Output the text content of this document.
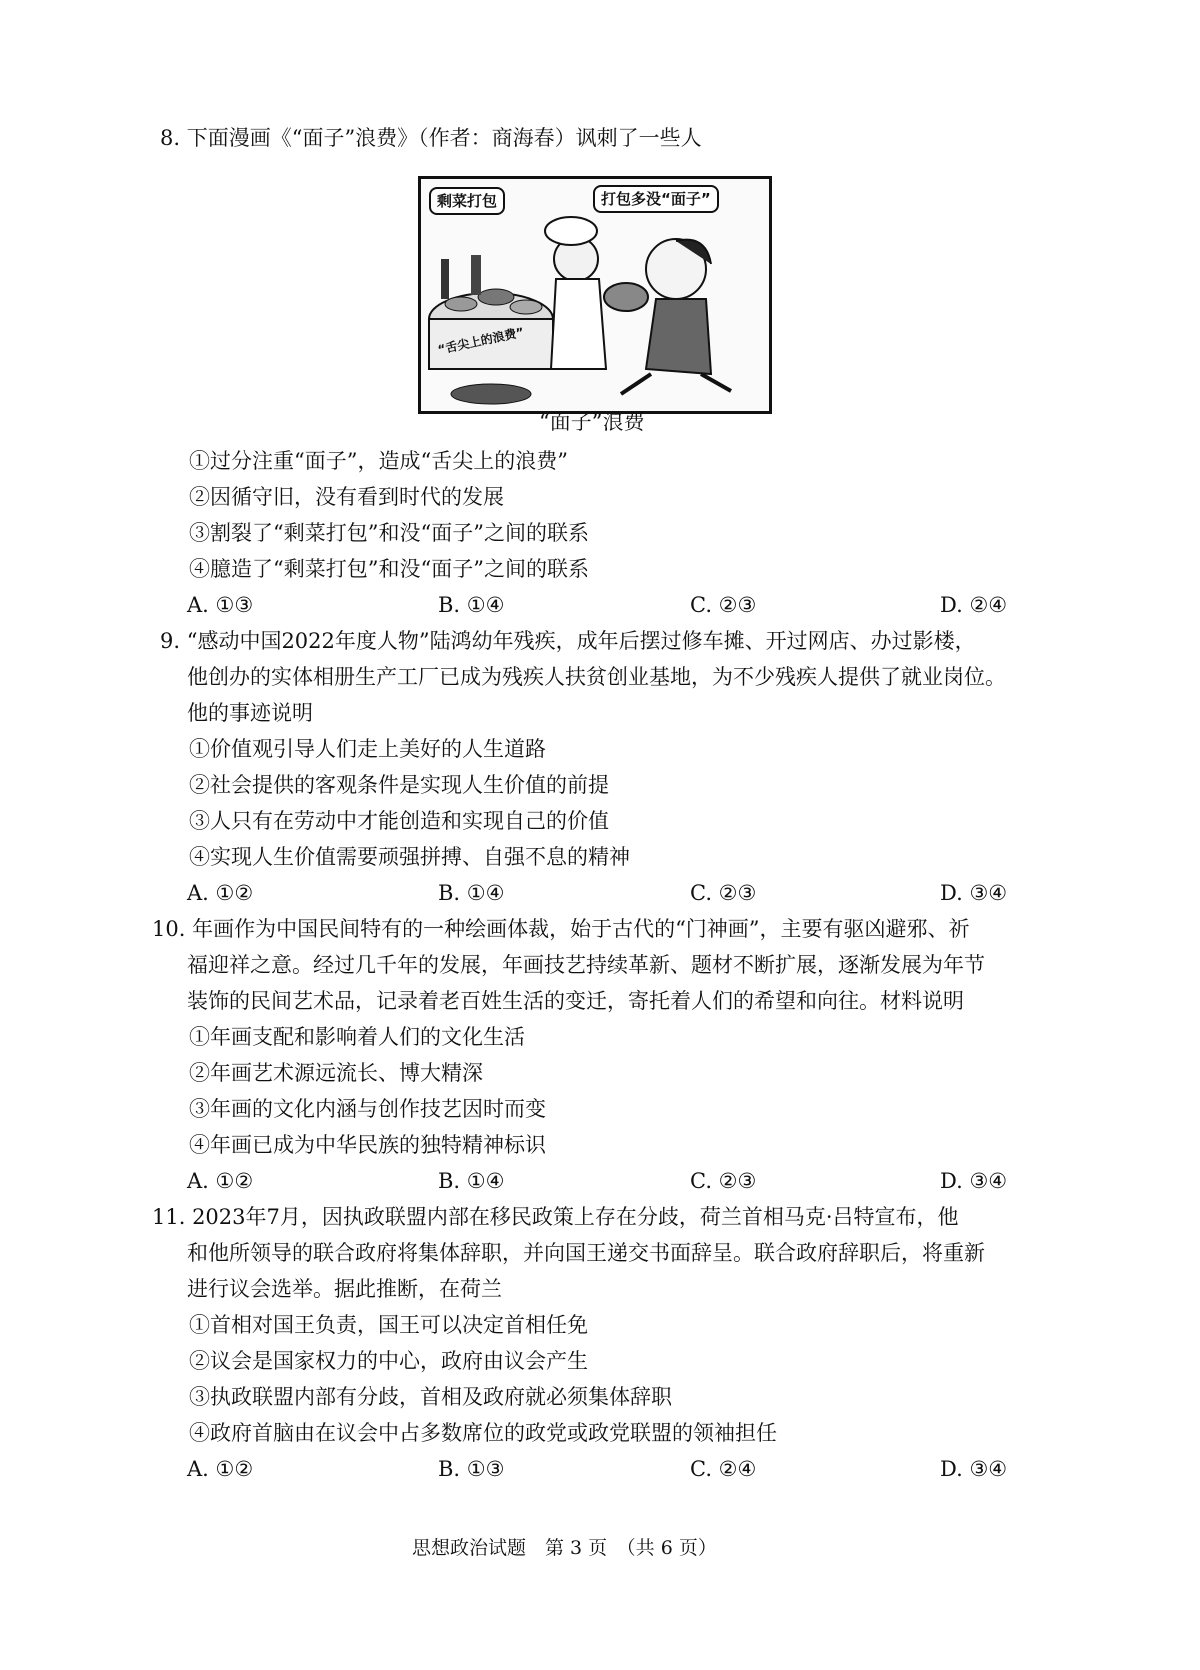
8. 下面漫画《“面子”浪费》（作者：商海春）讽刺了一些人
剩菜打包	打包多没“面子”
“舌尖上的浪费”
“面子”浪费
①过分注重“面子”，造成“舌尖上的浪费”
②因循守旧，没有看到时代的发展
③割裂了“剩菜打包”和没“面子”之间的联系
④臆造了“剩菜打包”和没“面子”之间的联系
A. ①③	B. ①④	C. ②③	D. ②④
9. “感动中国2022年度人物”陆鸿幼年残疾，成年后摆过修车摊、开过网店、办过影楼，
他创办的实体相册生产工厂已成为残疾人扶贫创业基地，为不少残疾人提供了就业岗位。
他的事迹说明
①价值观引导人们走上美好的人生道路
②社会提供的客观条件是实现人生价值的前提
③人只有在劳动中才能创造和实现自己的价值
④实现人生价值需要顽强拼搏、自强不息的精神
A. ①②	B. ①④	C. ②③	D. ③④
10. 年画作为中国民间特有的一种绘画体裁，始于古代的“门神画”，主要有驱凶避邪、祈
福迎祥之意。经过几千年的发展，年画技艺持续革新、题材不断扩展，逐渐发展为年节
装饰的民间艺术品，记录着老百姓生活的变迁，寄托着人们的希望和向往。材料说明
①年画支配和影响着人们的文化生活
②年画艺术源远流长、博大精深
③年画的文化内涵与创作技艺因时而变
④年画已成为中华民族的独特精神标识
A. ①②	B. ①④	C. ②③	D. ③④
11. 2023年7月，因执政联盟内部在移民政策上存在分歧，荷兰首相马克·吕特宣布，他
和他所领导的联合政府将集体辞职，并向国王递交书面辞呈。联合政府辞职后，将重新
进行议会选举。据此推断，在荷兰
①首相对国王负责，国王可以决定首相任免
②议会是国家权力的中心，政府由议会产生
③执政联盟内部有分歧，首相及政府就必须集体辞职
④政府首脑由在议会中占多数席位的政党或政党联盟的领袖担任
A. ①②	B. ①③	C. ②④	D. ③④
思想政治试题　第 3 页　（共 6 页）
